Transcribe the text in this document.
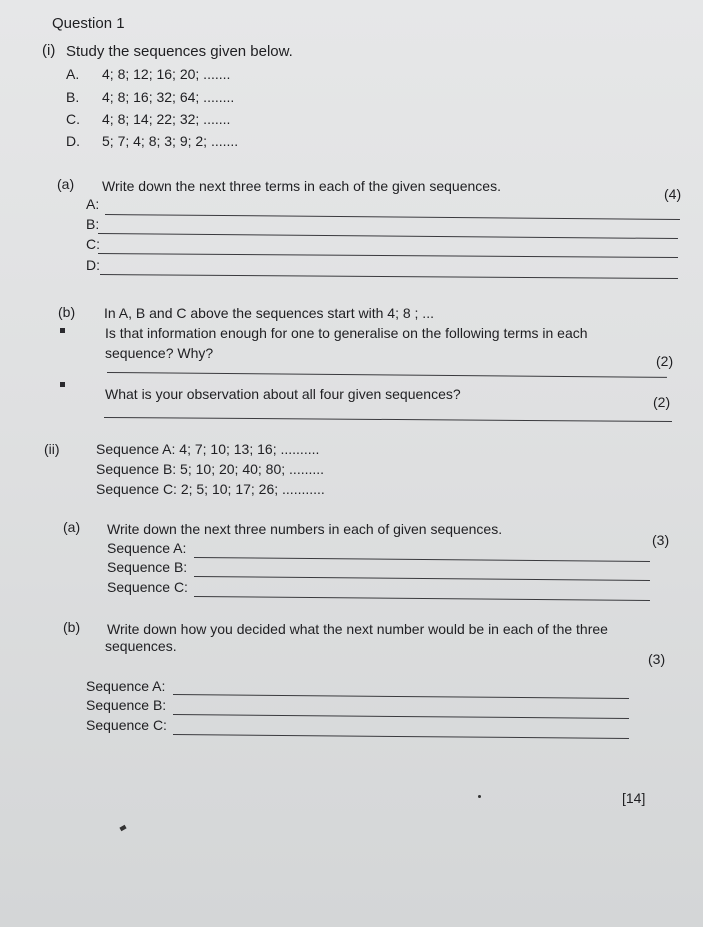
Question 1
(i) Study the sequences given below.
A. 4; 8; 12; 16; 20; .......
B. 4; 8; 16; 32; 64; ........
C. 4; 8; 14; 22; 32; .......
D. 5; 7; 4; 8; 3; 9; 2; .......
(a) Write down the next three terms in each of the given sequences.	(4)
A:
B:
C:
D:
(b) In A, B and C above the sequences start with 4; 8 ; ...
Is that information enough for one to generalise on the following terms in each
sequence? Why?	(2)
What is your observation about all four given sequences?	(2)
(ii)	Sequence A: 4; 7; 10; 13; 16; ..........
Sequence B: 5; 10; 20; 40; 80; .........
Sequence C: 2; 5; 10; 17; 26; ...........
(a) Write down the next three numbers in each of given sequences.
(3)
Sequence A:
Sequence B:
Sequence C:
(b) Write down how you decided what the next number would be in each of the three
sequences.
(3)
Sequence A:
Sequence B:
Sequence C:
[14]
